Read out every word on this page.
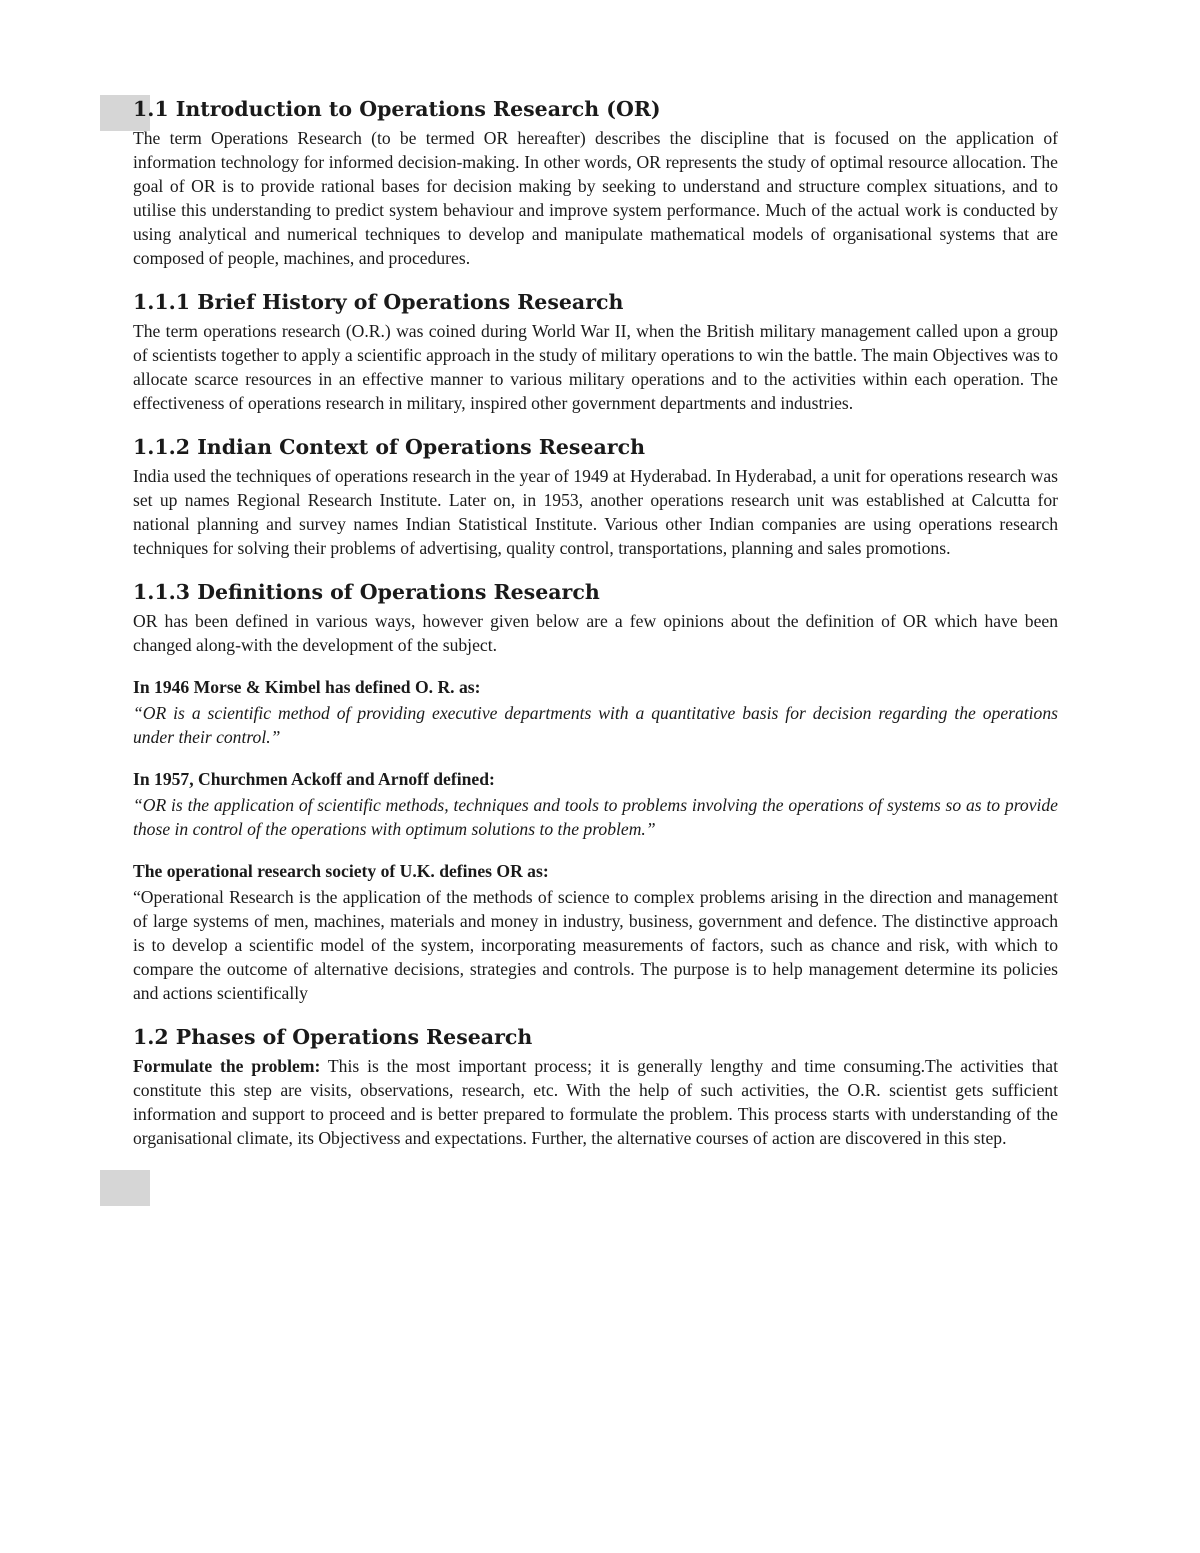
1.1 Introduction to Operations Research (OR)

The term Operations Research (to be termed OR hereafter) describes the discipline that is focused on the application of information technology for informed decision-making. In other words, OR represents the study of optimal resource allocation. The goal of OR is to provide rational bases for decision making by seeking to understand and structure complex situations, and to utilise this understanding to predict system behaviour and improve system performance. Much of the actual work is conducted by using analytical and numerical techniques to develop and manipulate mathematical models of organisational systems that are composed of people, machines, and procedures.

1.1.1 Brief History of Operations Research

The term operations research (O.R.) was coined during World War II, when the British military management called upon a group of scientists together to apply a scientific approach in the study of military operations to win the battle. The main Objectives was to allocate scarce resources in an effective manner to various military operations and to the activities within each operation. The effectiveness of operations research in military, inspired other government departments and industries.

1.1.2 Indian Context of Operations Research

India used the techniques of operations research in the year of 1949 at Hyderabad. In Hyderabad, a unit for operations research was set up names Regional Research Institute. Later on, in 1953, another operations research unit was established at Calcutta for national planning and survey names Indian Statistical Institute. Various other Indian companies are using operations research techniques for solving their problems of advertising, quality control, transportations, planning and sales promotions.

1.1.3 Definitions of Operations Research

OR has been defined in various ways, however given below are a few opinions about the definition of OR which have been changed along-with the development of the subject.

In 1946 Morse & Kimbel has defined O. R. as:

“OR is a scientific method of providing executive departments with a quantitative basis for decision regarding the operations under their control.”

In 1957, Churchmen Ackoff and Arnoff defined:

“OR is the application of scientific methods, techniques and tools to problems involving the operations of systems so as to provide those in control of the operations with optimum solutions to the problem.”

The operational research society of U.K. defines OR as:

“Operational Research is the application of the methods of science to complex problems arising in the direction and management of large systems of men, machines, materials and money in industry, business, government and defence. The distinctive approach is to develop a scientific model of the system, incorporating measurements of factors, such as chance and risk, with which to compare the outcome of alternative decisions, strategies and controls. The purpose is to help management determine its policies and actions scientifically

1.2 Phases of Operations Research

Formulate the problem: This is the most important process; it is generally lengthy and time consuming.The activities that constitute this step are visits, observations, research, etc. With the help of such activities, the O.R. scientist gets sufficient information and support to proceed and is better prepared to formulate the problem. This process starts with understanding of the organisational climate, its Objectivess and expectations. Further, the alternative courses of action are discovered in this step.
